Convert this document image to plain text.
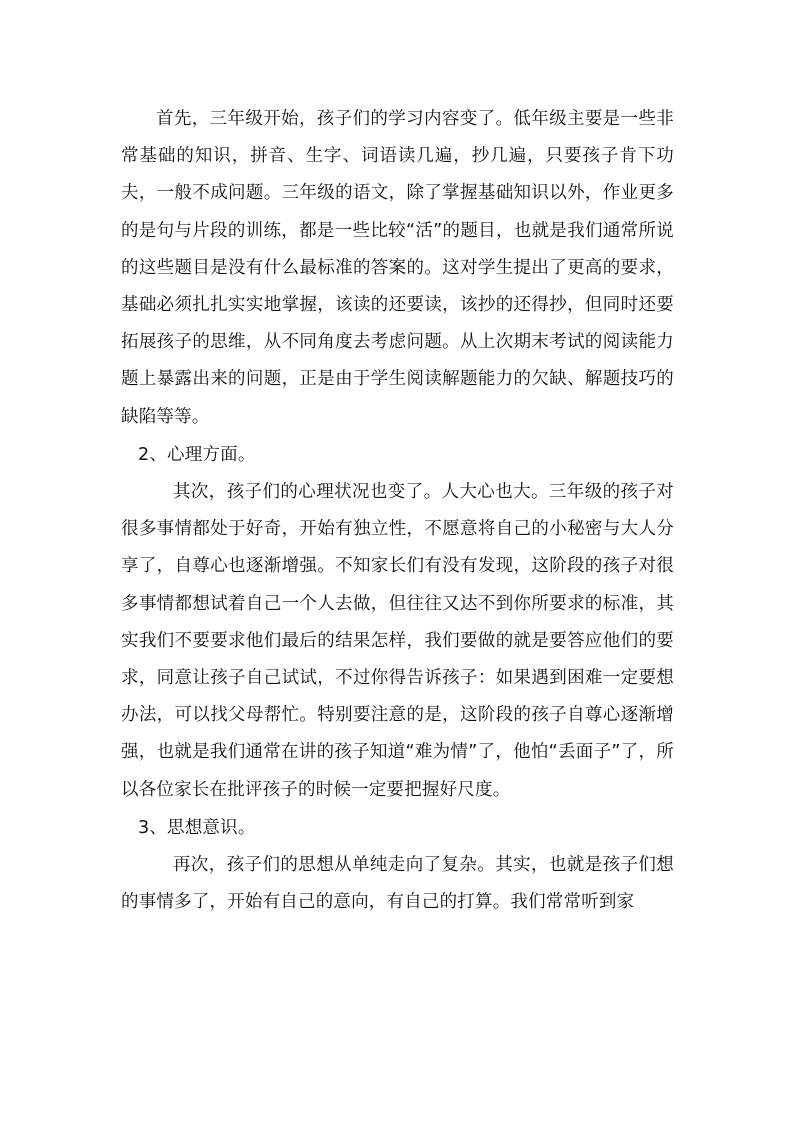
首先，三年级开始，孩子们的学习内容变了。低年级主要是一些非常基础的知识，拼音、生字、词语读几遍，抄几遍，只要孩子肯下功夫，一般不成问题。三年级的语文，除了掌握基础知识以外，作业更多的是句与片段的训练，都是一些比较“活”的题目，也就是我们通常所说的这些题目是没有什么最标准的答案的。这对学生提出了更高的要求，基础必须扎扎实实地掌握，该读的还要读，该抄的还得抄，但同时还要拓展孩子的思维，从不同角度去考虑问题。从上次期末考试的阅读能力题上暴露出来的问题，正是由于学生阅读解题能力的欠缺、解题技巧的缺陷等等。

2、心理方面。

其次，孩子们的心理状况也变了。人大心也大。三年级的孩子对很多事情都处于好奇，开始有独立性，不愿意将自己的小秘密与大人分享了，自尊心也逐渐增强。不知家长们有没有发现，这阶段的孩子对很多事情都想试着自己一个人去做，但往往又达不到你所要求的标准，其实我们不要要求他们最后的结果怎样，我们要做的就是要答应他们的要求，同意让孩子自己试试，不过你得告诉孩子：如果遇到困难一定要想办法，可以找父母帮忙。特别要注意的是，这阶段的孩子自尊心逐渐增强，也就是我们通常在讲的孩子知道“难为情”了，他怕“丢面子”了，所以各位家长在批评孩子的时候一定要把握好尺度。

3、思想意识。

再次，孩子们的思想从单纯走向了复杂。其实，也就是孩子们想的事情多了，开始有自己的意向，有自己的打算。我们常常听到家
